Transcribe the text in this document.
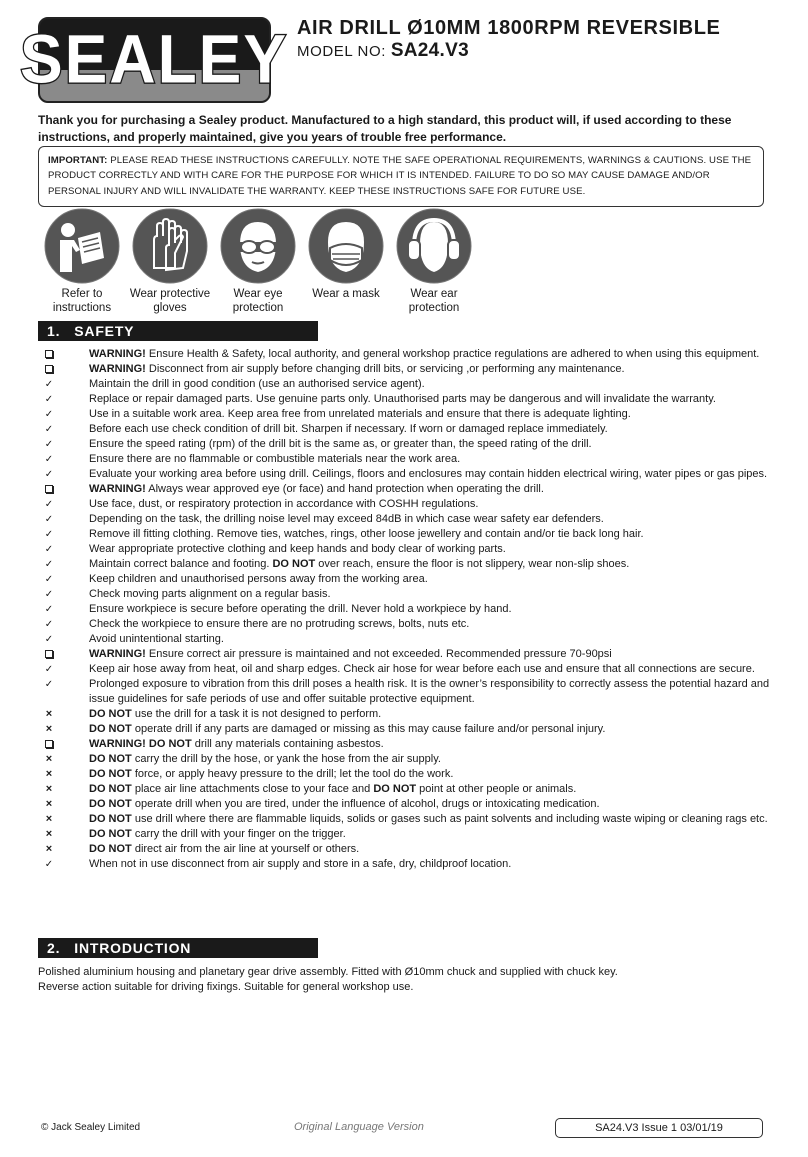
SEALEY AIR DRILL Ø10MM 1800RPM REVERSIBLE
MODEL NO: SA24.V3
Thank you for purchasing a Sealey product. Manufactured to a high standard, this product will, if used according to these instructions, and properly maintained, give you years of trouble free performance.
IMPORTANT: PLEASE READ THESE INSTRUCTIONS CAREFULLY. NOTE THE SAFE OPERATIONAL REQUIREMENTS, WARNINGS & CAUTIONS. USE THE PRODUCT CORRECTLY AND WITH CARE FOR THE PURPOSE FOR WHICH IT IS INTENDED. FAILURE TO DO SO MAY CAUSE DAMAGE AND/OR PERSONAL INJURY AND WILL INVALIDATE THE WARRANTY. KEEP THESE INSTRUCTIONS SAFE FOR FUTURE USE.
Refer to
instructions
Wear protective
gloves
Wear eye
protection
Wear a mask	Wear ear
protection
1. SAFETY
WARNING! Ensure Health & Safety, local authority, and general workshop practice regulations are adhered to when using this equipment.
WARNING! Disconnect from air supply before changing drill bits, or servicing ,or performing any maintenance.
✓
Maintain the drill in good condition (use an authorised service agent).
✓
Replace or repair damaged parts. Use genuine parts only. Unauthorised parts may be dangerous and will invalidate the warranty.
✓
Use in a suitable work area. Keep area free from unrelated materials and ensure that there is adequate lighting.
✓
Before each use check condition of drill bit. Sharpen if necessary. If worn or damaged replace immediately.
✓
Ensure the speed rating (rpm) of the drill bit is the same as, or greater than, the speed rating of the drill.
✓
Ensure there are no flammable or combustible materials near the work area.
✓
Evaluate your working area before using drill. Ceilings, floors and enclosures may contain hidden electrical wiring, water pipes or gas pipes.
WARNING! Always wear approved eye (or face) and hand protection when operating the drill.
✓
Use face, dust, or respiratory protection in accordance with COSHH regulations.
✓
Depending on the task, the drilling noise level may exceed 84dB in which case wear safety ear defenders.
✓
Remove ill fitting clothing. Remove ties, watches, rings, other loose jewellery and contain and/or tie back long hair.
✓
Wear appropriate protective clothing and keep hands and body clear of working parts.
✓
Maintain correct balance and footing. DO NOT over reach, ensure the floor is not slippery, wear non-slip shoes.
✓
Keep children and unauthorised persons away from the working area.
✓
Check moving parts alignment on a regular basis.
✓
Ensure workpiece is secure before operating the drill. Never hold a workpiece by hand.
✓
Check the workpiece to ensure there are no protruding screws, bolts, nuts etc.
✓
Avoid unintentional starting.
WARNING! Ensure correct air pressure is maintained and not exceeded. Recommended pressure 70-90psi
✓
Keep air hose away from heat, oil and sharp edges. Check air hose for wear before each use and ensure that all connections are secure.
✓
Prolonged exposure to vibration from this drill poses a health risk. It is the owner’s responsibility to correctly assess the potential hazard and issue guidelines for safe periods of use and offer suitable protective equipment.
×
DO NOT use the drill for a task it is not designed to perform.
×
DO NOT operate drill if any parts are damaged or missing as this may cause failure and/or personal injury.
WARNING! DO NOT drill any materials containing asbestos.
×
DO NOT carry the drill by the hose, or yank the hose from the air supply.
×
DO NOT force, or apply heavy pressure to the drill; let the tool do the work.
×
DO NOT place air line attachments close to your face and DO NOT point at other people or animals.
×
DO NOT operate drill when you are tired, under the influence of alcohol, drugs or intoxicating medication.
×
DO NOT use drill where there are flammable liquids, solids or gases such as paint solvents and including waste wiping or cleaning rags etc.
×
DO NOT carry the drill with your finger on the trigger.
×
DO NOT direct air from the air line at yourself or others.
✓
When not in use disconnect from air supply and store in a safe, dry, childproof location.
2. INTRODUCTION
Polished aluminium housing and planetary gear drive assembly. Fitted with Ø10mm chuck and supplied with chuck key.
Reverse action suitable for driving fixings. Suitable for general workshop use.
© Jack Sealey Limited	Original Language Version	SA24.V3 Issue 1 03/01/19
